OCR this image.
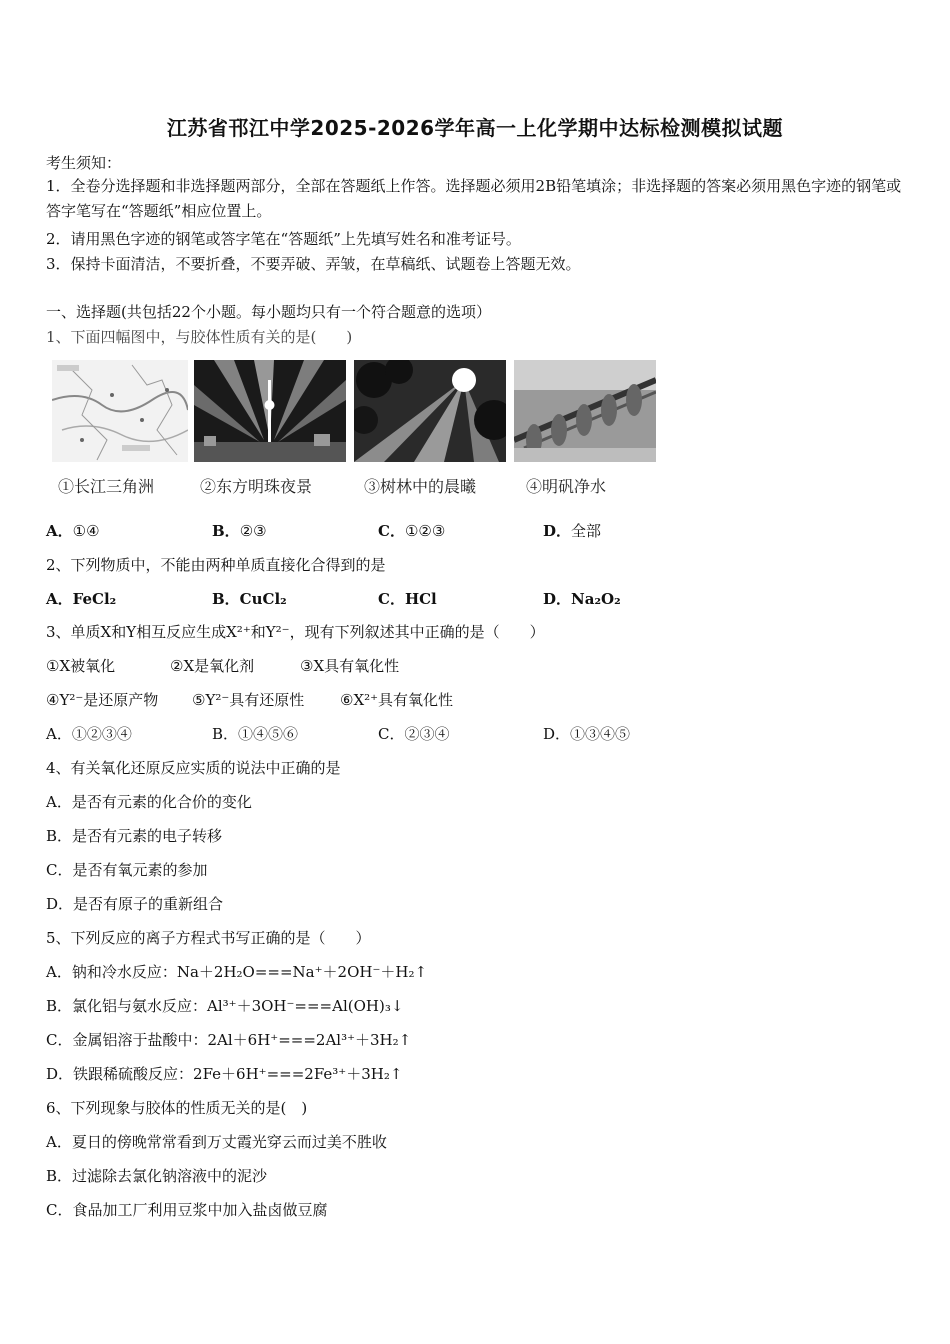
江苏省邗江中学2025-2026学年高一上化学期中达标检测模拟试题
考生须知：
1．全卷分选择题和非选择题两部分，全部在答题纸上作答。选择题必须用2B铅笔填涂；非选择题的答案必须用黑色字迹的钢笔或答字笔写在“答题纸”相应位置上。
2．请用黑色字迹的钢笔或答字笔在“答题纸”上先填写姓名和准考证号。
3．保持卡面清洁，不要折叠，不要弄破、弄皱，在草稿纸、试题卷上答题无效。
一、选择题(共包括22个小题。每小题均只有一个符合题意的选项）
1、下面四幅图中，与胶体性质有关的是(　　)
①长江三角洲	②东方明珠夜景	③树林中的晨曦	④明矾净水
A．①④	B．②③	C．①②③	D．全部
2、下列物质中，不能由两种单质直接化合得到的是
A．FeCl₂	B．CuCl₂	C．HCl	D．Na₂O₂
3、单质X和Y相互反应生成X²⁺和Y²⁻，现有下列叙述其中正确的是（　　）
①X被氧化	②X是氧化剂	③X具有氧化性
④Y²⁻是还原产物 ⑤Y²⁻具有还原性 ⑥X²⁺具有氧化性
A．①②③④	B．①④⑤⑥	C．②③④	D．①③④⑤
4、有关氧化还原反应实质的说法中正确的是
A．是否有元素的化合价的变化
B．是否有元素的电子转移
C．是否有氧元素的参加
D．是否有原子的重新组合
5、下列反应的离子方程式书写正确的是（　　）
A．钠和冷水反应：Na＋2H₂O===Na⁺＋2OH⁻＋H₂↑
B．氯化铝与氨水反应：Al³⁺＋3OH⁻===Al(OH)₃↓
C．金属铝溶于盐酸中：2Al＋6H⁺===2Al³⁺＋3H₂↑
D．铁跟稀硫酸反应：2Fe＋6H⁺===2Fe³⁺＋3H₂↑
6、下列现象与胶体的性质无关的是(　)
A．夏日的傍晚常常看到万丈霞光穿云而过美不胜收
B．过滤除去氯化钠溶液中的泥沙
C．食品加工厂利用豆浆中加入盐卤做豆腐
